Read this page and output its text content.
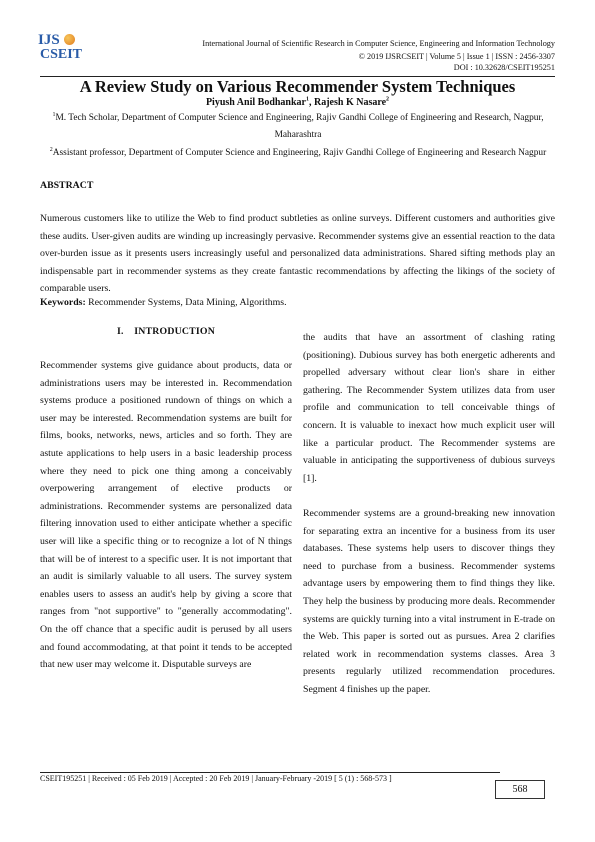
IJS
CSEIT
International Journal of Scientific Research in Computer Science, Engineering and Information Technology
© 2019 IJSRCSEIT | Volume 5 | Issue 1 | ISSN : 2456-3307
DOI : 10.32628/CSEIT195251
A Review Study on Various Recommender System Techniques
Piyush Anil Bodhankar$^1$, Rajesh K Nasare$^2$
$^1$M. Tech Scholar, Department of Computer Science and Engineering, Rajiv Gandhi College of Engineering and Research, Nagpur, Maharashtra
$^2$Assistant professor, Department of Computer Science and Engineering, Rajiv Gandhi College of Engineering and Research Nagpur
ABSTRACT
Numerous customers like to utilize the Web to find product subtleties as online surveys. Different customers and authorities give these audits. User-given audits are winding up increasingly pervasive. Recommender systems give an essential reaction to the data over-burden issue as it presents users increasingly useful and personalized data administrations. Shared sifting methods play an indispensable part in recommender systems as they create fantastic recommendations by affecting the likings of the society of comparable users.
Keywords: Recommender Systems, Data Mining, Algorithms.
I.    INTRODUCTION

Recommender systems give guidance about products, data or administrations users may be interested in. Recommendation systems produce a positioned rundown of things on which a user may be interested. Recommendation systems are built for films, books, networks, news, articles and so forth. They are astute applications to help users in a basic leadership process where they need to pick one thing among a conceivably overpowering arrangement of elective products or administrations. Recommender systems are personalized data filtering innovation used to either anticipate whether a specific user will like a specific thing or to recognize a lot of N things that will be of interest to a specific user. It is not important that an audit is similarly valuable to all users. The survey system enables users to assess an audit's help by giving a score that ranges from "not supportive" to "generally accommodating". On the off chance that a specific audit is perused by all users and found accommodating, at that point it tends to be accepted that new user may welcome it. Disputable surveys are

the audits that have an assortment of clashing rating (positioning). Dubious survey has both energetic adherents and propelled adversary without clear lion's share in either gathering. The Recommender System utilizes data from user profile and communication to tell conceivable things of concern. It is valuable to inexact how much explicit user will like a particular product. The Recommender systems are valuable in anticipating the supportiveness of dubious surveys [1].

Recommender systems are a ground-breaking new innovation for separating extra an incentive for a business from its user databases. These systems help users to discover things they need to purchase from a business. Recommender systems advantage users by empowering them to find things they like. They help the business by producing more deals. Recommender systems are quickly turning into a vital instrument in E-trade on the Web. This paper is sorted out as pursues. Area 2 clarifies related work in recommendation systems classes. Area 3 presents regularly utilized recommendation procedures. Segment 4 finishes up the paper.

CSEIT195251 | Received : 05 Feb 2019 | Accepted : 20 Feb 2019 | January-February -2019 [ 5 (1) : 568-573 ]
568
